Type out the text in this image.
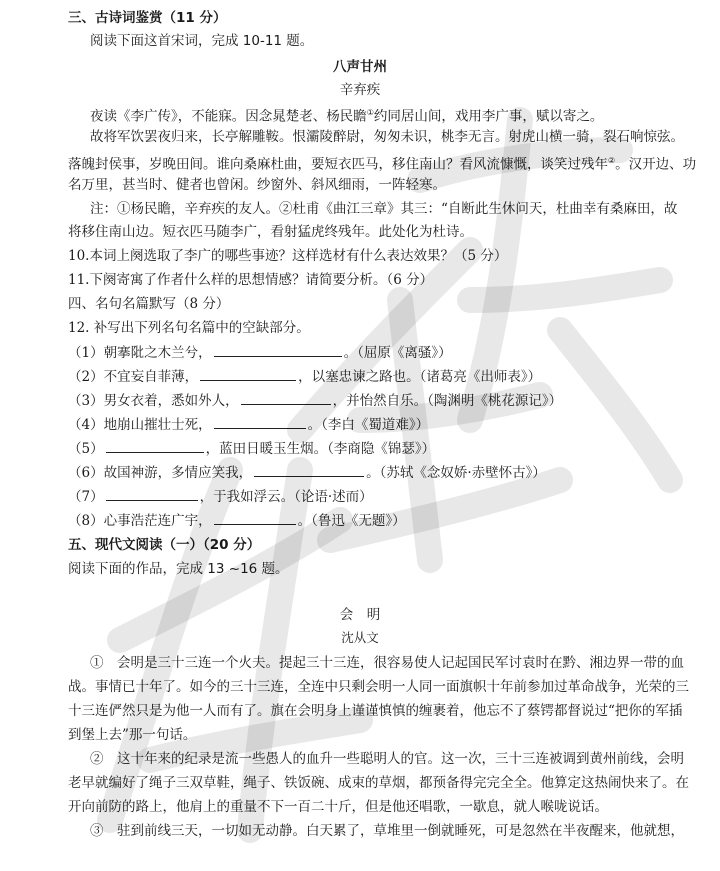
三、古诗词鉴赏（11 分）
阅读下面这首宋词，完成 10-11 题。
八声甘州
辛弃疾
夜读《李广传》，不能寐。因念晁楚老、杨民瞻①约同居山间，戏用李广事，赋以寄之。
故将军饮罢夜归来，长亭解雕鞍。恨灞陵醉尉，匆匆未识，桃李无言。射虎山横一骑，裂石响惊弦。
落魄封侯事，岁晚田间。谁向桑麻杜曲，要短衣匹马，移住南山？看风流慷慨，谈笑过残年②。汉开边、功
名万里，甚当时、健者也曾闲。纱窗外、斜风细雨，一阵轻寒。
注：①杨民瞻，辛弃疾的友人。②杜甫《曲江三章》其三：“自断此生休问天，杜曲幸有桑麻田，故
将移住南山边。短衣匹马随李广，看射猛虎终残年。此处化为杜诗。
10.本词上阕选取了李广的哪些事迹？这样选材有什么表达效果？（5 分）
11.下阕寄寓了作者什么样的思想情感？请简要分析。（6 分）
四、名句名篇默写（8 分）
12. 补写出下列名句名篇中的空缺部分。
（1）朝搴阰之木兰兮，	。（屈原《离骚》）
（2）不宜妄自菲薄，	，以塞忠谏之路也。（诸葛亮《出师表》）
（3）男女衣着，悉如外人，	，并怡然自乐。（陶渊明《桃花源记》）
（4）地崩山摧壮士死，	。（李白《蜀道难》）
（5）	，蓝田日暖玉生烟。（李商隐《锦瑟》）
（6）故国神游，多情应笑我，	。（苏轼《念奴娇·赤壁怀古》）
（7）	，于我如浮云。（论语·述而）
（8）心事浩茫连广宇，	。（鲁迅《无题》）
五、现代文阅读（一）（20 分）
阅读下面的作品，完成 13 ~16 题。
会　明
沈从文
①　会明是三十三连一个火夫。提起三十三连，很容易使人记起国民军讨袁时在黔、湘边界一带的血
战。事情已十年了。如今的三十三连，全连中只剩会明一人同一面旗帜十年前参加过革命战争，光荣的三
十三连俨然只是为他一人而有了。旗在会明身上谨谨慎慎的缠裹着，他忘不了蔡锷都督说过“把你的军插
到堡上去”那一句话。
②　这十年来的纪录是流一些愚人的血升一些聪明人的官。这一次，三十三连被调到黄州前线，会明
老早就编好了绳子三双草鞋，绳子、铁饭碗、成束的草烟，都预备得完完全全。他算定这热闹快来了。在
开向前防的路上，他肩上的重量不下一百二十斤，但是他还唱歌，一歇息，就人喉咙说话。
③　驻到前线三天，一切如无动静。白天累了，草堆里一倒就睡死，可是忽然在半夜醒来，他就想，
